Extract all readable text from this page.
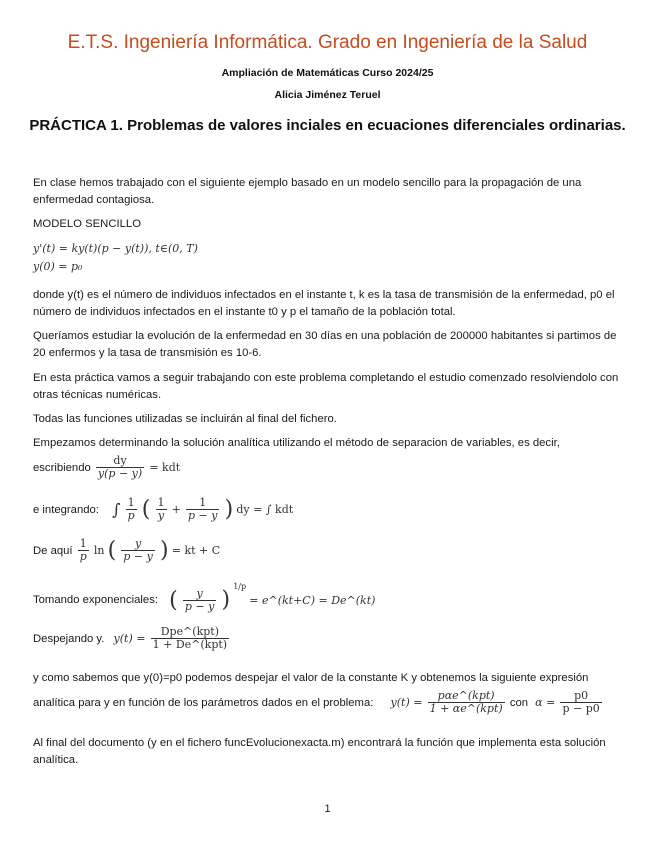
E.T.S. Ingeniería Informática. Grado en Ingeniería de la Salud
Ampliación de Matemáticas Curso 2024/25
Alicia Jiménez Teruel
PRÁCTICA 1. Problemas de valores inciales en ecuaciones diferenciales ordinarias.
En clase hemos trabajado con el siguiente ejemplo basado en un modelo sencillo para la propagación de una enfermedad contagiosa.
MODELO SENCILLO
y'(t) = ky(t)(p − y(t)), t∈(0, T)
y(0) = p₀
donde y(t) es el número de individuos infectados en el instante t, k es la tasa de transmisión de la enfermedad, p0 el número de individuos infectados en el instante t0 y p el tamaño de la población total.
Queríamos estudiar la evolución de la enfermedad en 30 días en una población de 200000 habitantes si partimos de 20 enfermos y la tasa de transmisión es 10-6.
En esta práctica vamos a seguir trabajando con este problema completando el estudio comenzado resolviendolo con otras técnicas numéricas.
Todas las funciones utilizadas se incluirán al final del fichero.
Empezamos determinando la solución analítica utilizando el método de separacion de variables, es decir,
escribiendo $\frac{dy}{y(p - y)}$ = kdt
e integrando: ∫ $\frac{1}{p}$ ( $\frac{1}{y} + \frac{1}{p - y}$ ) dy = ∫ kdt
De aquí $\frac{1}{p}$ ln ( $\frac{y}{p - y}$ ) = kt + C
Tomando exponenciales: ( $\frac{y}{p - y}$ ) $^{1/p}$ = e^(kt+C) = De^(kt)
Despejando y. $y(t) = \frac{\text{Dpe\textasciicircum{}(kpt)}}{\text{1 + De\textasciicircum{}(kpt)}}$
y como sabemos que y(0)=p0 podemos despejar el valor de la constante K y obtenemos la siguiente expresión
analítica para y en función de los parámetros dados en el problema: $y(t) = \frac{\text{pαe\textasciicircum{}(kpt)}}{\text{1 + αe\textasciicircum{}(kpt)}}$ con $\alpha = \frac{p0}{p - p0}$
Al final del documento (y en el fichero funcEvolucionexacta.m) encontrará la función que implementa esta solución analítica.
1
